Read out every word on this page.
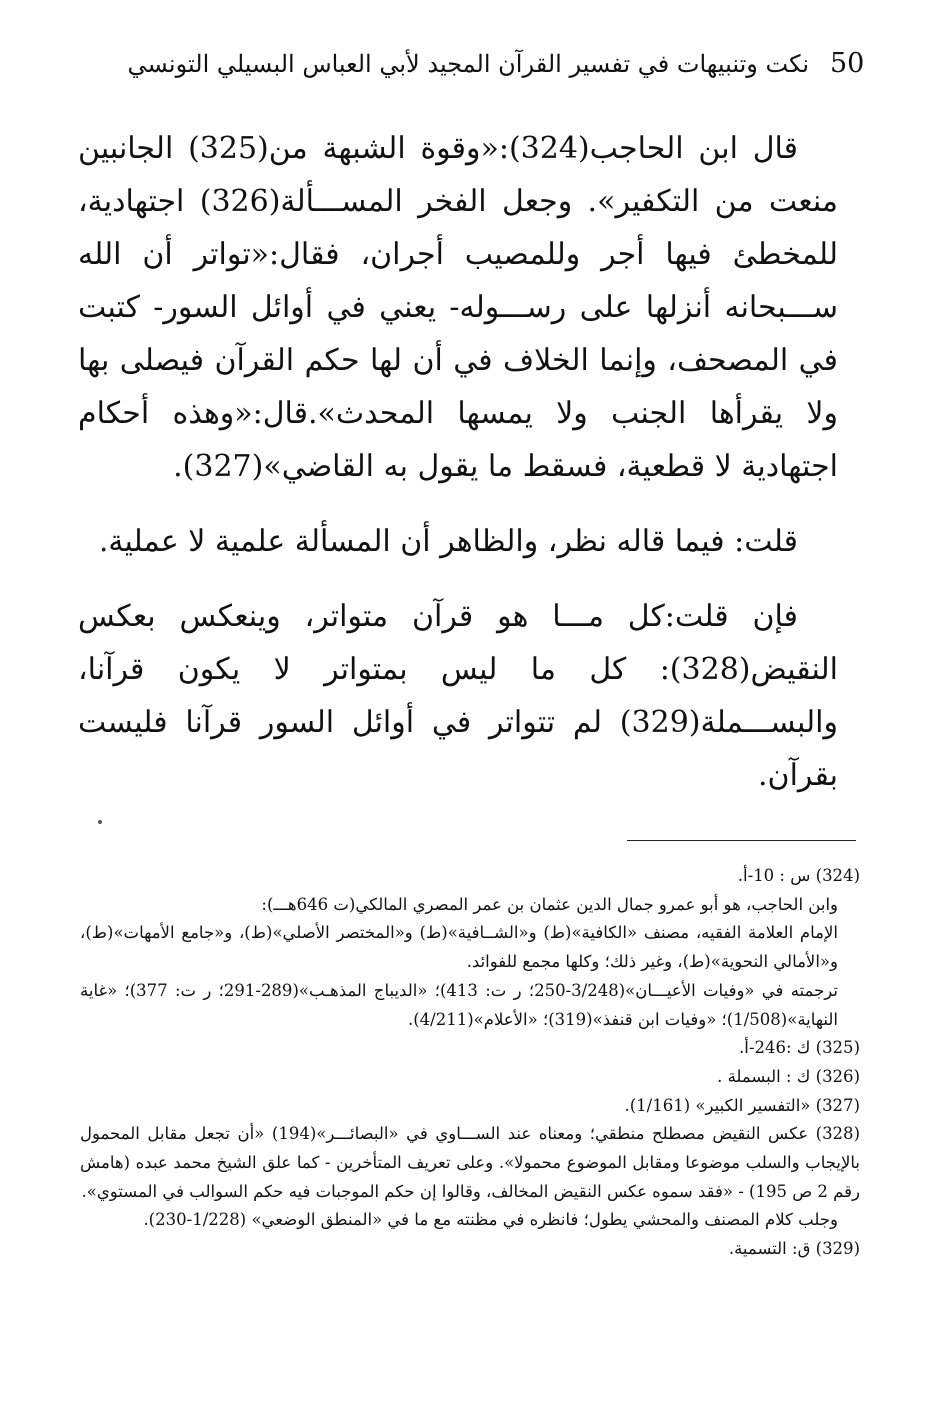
50
نكت وتنبيهات في تفسير القرآن المجيد لأبي العباس البسيلي التونسي

قال ابن الحاجب(324):«وقوة الشبهة من(325) الجانبين منعت من التكفير». وجعل الفخر المســـألة(326) اجتهادية، للمخطئ فيها أجر وللمصيب أجران، فقال:«تواتر أن الله ســـبحانه أنزلها على رســـوله- يعني في أوائل السور- كتبت في المصحف، وإنما الخلاف في أن لها حكم القرآن فيصلى بها ولا يقرأها الجنب ولا يمسها المحدث».قال:«وهذه أحكام اجتهادية لا قطعية، فسقط ما يقول به القاضي»(327).

قلت: فيما قاله نظر، والظاهر أن المسألة علمية لا عملية.

فإن قلت:كل مـــا هو قرآن متواتر، وينعكس بعكس النقيض(328): كل ما ليس بمتواتر لا يكون قرآنا، والبســـملة(329) لم تتواتر في أوائل السور قرآنا فليست بقرآن.

(324) س : 10-أ.
وابن الحاجب، هو أبو عمرو جمال الدين عثمان بن عمر المصري المالكي(ت 646هـــ):
الإمام العلامة الفقيه، مصنف «الكافية»(ط) و«الشــافية»(ط) و«المختصر الأصلي»(ط)، و«جامع الأمهات»(ط)، و«الأمالي النحوية»(ط)، وغير ذلك؛ وكلها مجمع للفوائد.
ترجمته في «وفيات الأعيـــان»(3/248-250؛ ر ت: 413)؛ «الديباج المذهـب»(289-291؛ ر ت: 377)؛ «غاية النهاية»(1/508)؛ «وفيات ابن قنفذ»(319)؛ «الأعلام»(4/211).
(325) ك :246-أ.
(326) ك : البسملة .
(327) «التفسير الكبير» (1/161).
(328) عكس النقيض مصطلح منطقي؛ ومعناه عند الســـاوي في «البصائـــر»(194) «أن تجعل مقابل المحمول بالإيجاب والسلب موضوعا ومقابل الموضوع محمولا». وعلى تعريف المتأخرين - كما علق الشيخ محمد عبده (هامش رقم 2 ص 195) - «فقد سموه عكس النقيض المخالف، وقالوا إن حكم الموجبات فيه حكم السوالب في المستوي».
وجلب كلام المصنف والمحشي يطول؛ فانظره في مظنته مع ما في «المنطق الوضعي» (1/228-230).
(329) ق: التسمية.
